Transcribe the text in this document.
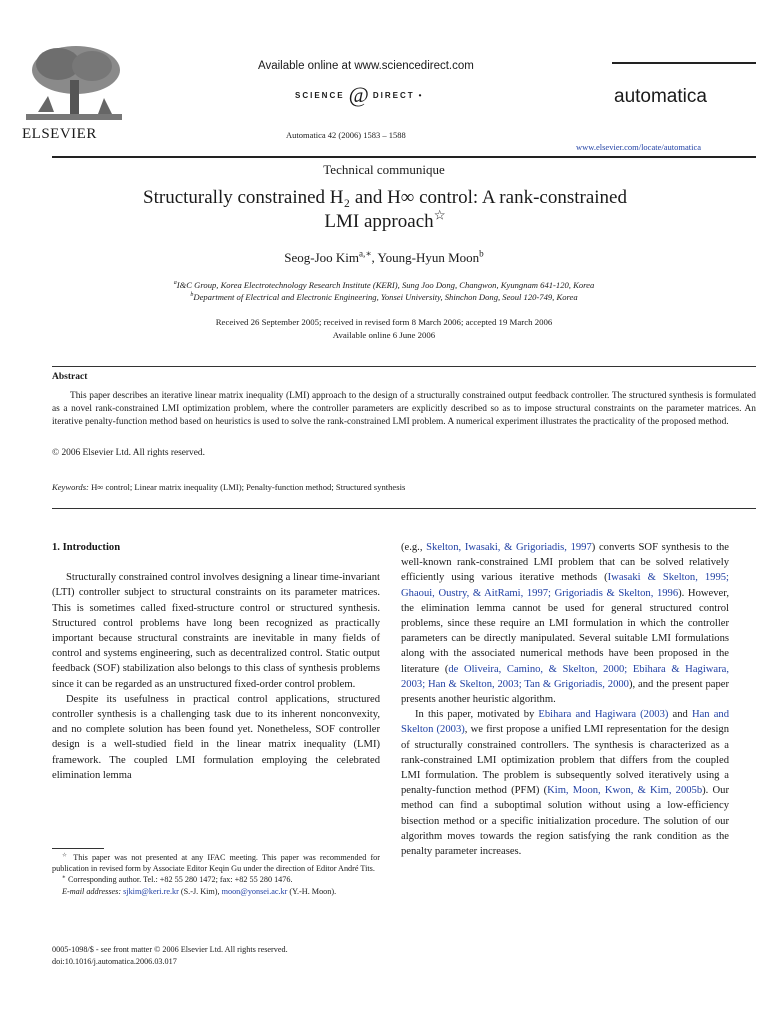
ELSEVIER
Available online at www.sciencedirect.com
SCIENCE @ DIRECT •
Automatica 42 (2006) 1583 – 1588
automatica
www.elsevier.com/locate/automatica
Technical communique
Structurally constrained H₂ and H∞ control: A rank-constrained
LMI approach☆
Seog-Joo Kim$^{a,∗}$, Young-Hyun Moon$^b$
$^a$I&C Group, Korea Electrotechnology Research Institute (KERI), Sung Joo Dong, Changwon, Kyungnam 641-120, Korea
$^b$Department of Electrical and Electronic Engineering, Yonsei University, Shinchon Dong, Seoul 120-749, Korea
Received 26 September 2005; received in revised form 8 March 2006; accepted 19 March 2006
Available online 6 June 2006
Abstract
This paper describes an iterative linear matrix inequality (LMI) approach to the design of a structurally constrained output feedback controller. The structured synthesis is formulated as a novel rank-constrained LMI optimization problem, where the controller parameters are explicitly described so as to impose structural constraints on the parameter matrices. An iterative penalty-function method based on heuristics is used to solve the rank-constrained LMI problem. A numerical experiment illustrates the practicality of the proposed method.
© 2006 Elsevier Ltd. All rights reserved.
Keywords: H∞ control; Linear matrix inequality (LMI); Penalty-function method; Structured synthesis
1. Introduction

Structurally constrained control involves designing a linear time-invariant (LTI) controller subject to structural constraints on its parameter matrices. This is sometimes called fixed-structure control or structured synthesis. Structured control problems have long been recognized as practically important because structural constraints are inevitable in many fields of control and systems engineering, such as decentralized control. Static output feedback (SOF) stabilization also belongs to this class of synthesis problems since it can be regarded as an unstructured fixed-order control problem.

Despite its usefulness in practical control applications, structured controller synthesis is a challenging task due to its inherent nonconvexity, and no complete solution has been found yet. Nonetheless, SOF controller design is a well-studied field in the linear matrix inequality (LMI) framework. The coupled LMI formulation employing the celebrated elimination lemma

☆ This paper was not presented at any IFAC meeting. This paper was recommended for publication in revised form by Associate Editor Keqin Gu under the direction of Editor André Tits.
∗ Corresponding author. Tel.: +82 55 280 1472; fax: +82 55 280 1476.
E-mail addresses: sjkim@keri.re.kr (S.-J. Kim), moon@yonsei.ac.kr (Y.-H. Moon).
0005-1098/$ - see front matter © 2006 Elsevier Ltd. All rights reserved.
doi:10.1016/j.automatica.2006.03.017

(e.g., Skelton, Iwasaki, & Grigoriadis, 1997) converts SOF synthesis to the well-known rank-constrained LMI problem that can be solved relatively efficiently using various iterative methods (Iwasaki & Skelton, 1995; Ghaoui, Oustry, & AitRami, 1997; Grigoriadis & Skelton, 1996). However, the elimination lemma cannot be used for general structured control problems, since these require an LMI formulation in which the controller parameters can be directly manipulated. Several suitable LMI formulations along with the associated numerical methods have been proposed in the literature (de Oliveira, Camino, & Skelton, 2000; Ebihara & Hagiwara, 2003; Han & Skelton, 2003; Tan & Grigoriadis, 2000), and the present paper presents another heuristic algorithm.

In this paper, motivated by Ebihara and Hagiwara (2003) and Han and Skelton (2003), we first propose a unified LMI representation for the design of structurally constrained controllers. The synthesis is characterized as a rank-constrained LMI optimization problem that differs from the coupled LMI formulation. The problem is subsequently solved iteratively using a penalty-function method (PFM) (Kim, Moon, Kwon, & Kim, 2005b). Our method can find a suboptimal solution without using a low-efficiency bisection method or a specific initialization procedure. The solution of our algorithm moves towards the region satisfying the rank condition as the penalty parameter increases.
